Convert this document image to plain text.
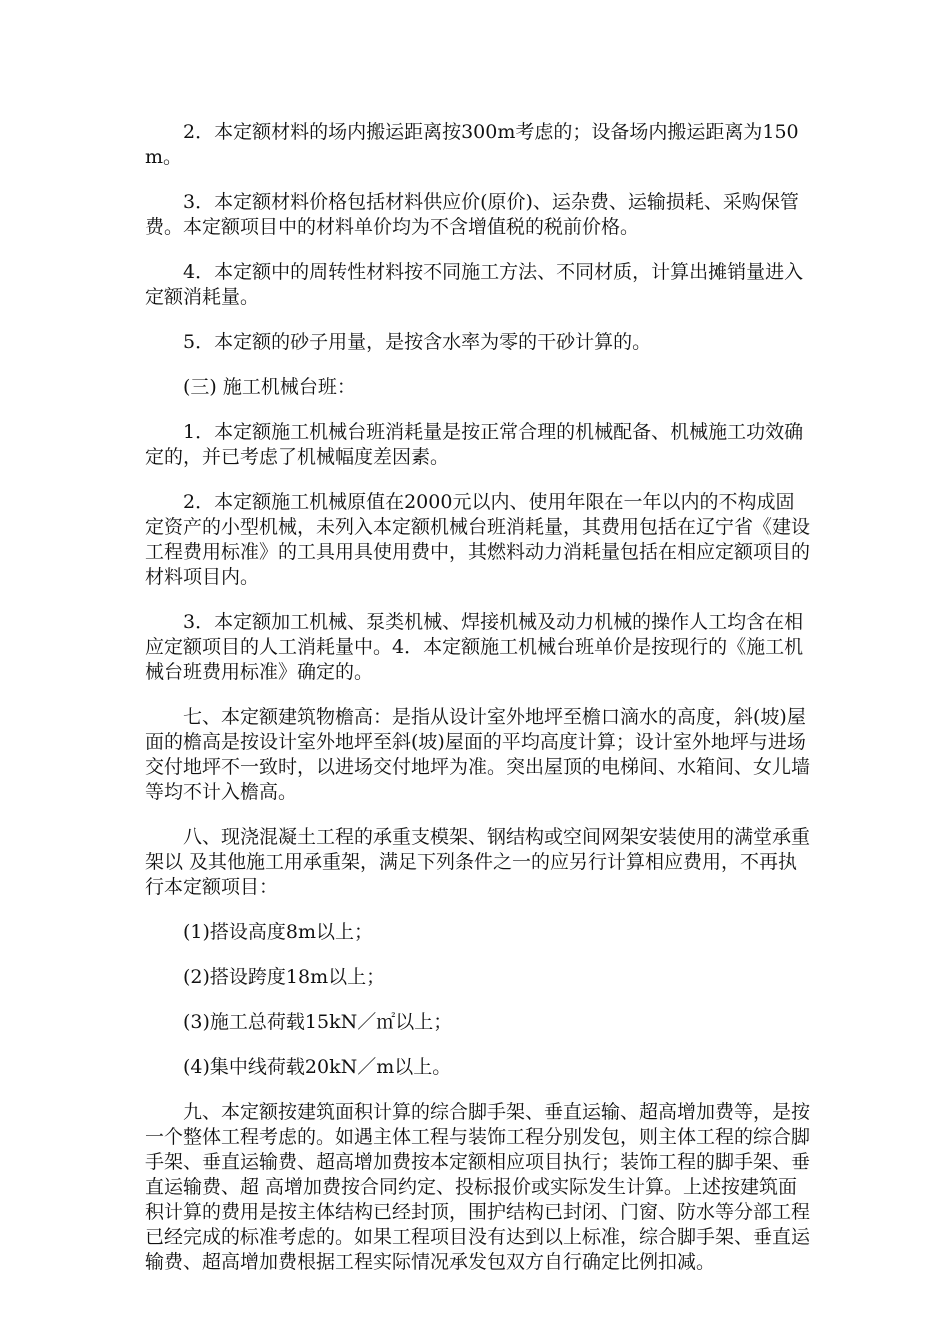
2．本定额材料的场内搬运距离按300m考虑的；设备场内搬运距离为150m。

3．本定额材料价格包括材料供应价(原价)、运杂费、运输损耗、采购保管费。本定额项目中的材料单价均为不含增值税的税前价格。

4．本定额中的周转性材料按不同施工方法、不同材质，计算出摊销量进入定额消耗量。

5．本定额的砂子用量，是按含水率为零的干砂计算的。

(三) 施工机械台班：

1．本定额施工机械台班消耗量是按正常合理的机械配备、机械施工功效确定的，并已考虑了机械幅度差因素。

2．本定额施工机械原值在2000元以内、使用年限在一年以内的不构成固定资产的小型机械，未列入本定额机械台班消耗量，其费用包括在辽宁省《建设工程费用标准》的工具用具使用费中，其燃料动力消耗量包括在相应定额项目的材料项目内。

3．本定额加工机械、泵类机械、焊接机械及动力机械的操作人工均含在相应定额项目的人工消耗量中。4．本定额施工机械台班单价是按现行的《施工机械台班费用标准》确定的。

七、本定额建筑物檐高：是指从设计室外地坪至檐口滴水的高度，斜(坡)屋面的檐高是按设计室外地坪至斜(坡)屋面的平均高度计算；设计室外地坪与进场交付地坪不一致时，以进场交付地坪为准。突出屋顶的电梯间、水箱间、女儿墙等均不计入檐高。

八、现浇混凝土工程的承重支模架、钢结构或空间网架安装使用的满堂承重架以 及其他施工用承重架，满足下列条件之一的应另行计算相应费用，不再执行本定额项目：

(1)搭设高度8m以上；

(2)搭设跨度18m以上；

(3)施工总荷载15kN／㎡以上；

(4)集中线荷载20kN／m以上。

九、本定额按建筑面积计算的综合脚手架、垂直运输、超高增加费等，是按一个整体工程考虑的。如遇主体工程与装饰工程分别发包，则主体工程的综合脚手架、垂直运输费、超高增加费按本定额相应项目执行；装饰工程的脚手架、垂直运输费、超 高增加费按合同约定、投标报价或实际发生计算。上述按建筑面积计算的费用是按主体结构已经封顶，围护结构已封闭、门窗、防水等分部工程已经完成的标准考虑的。如果工程项目没有达到以上标准，综合脚手架、垂直运输费、超高增加费根据工程实际情况承发包双方自行确定比例扣减。
